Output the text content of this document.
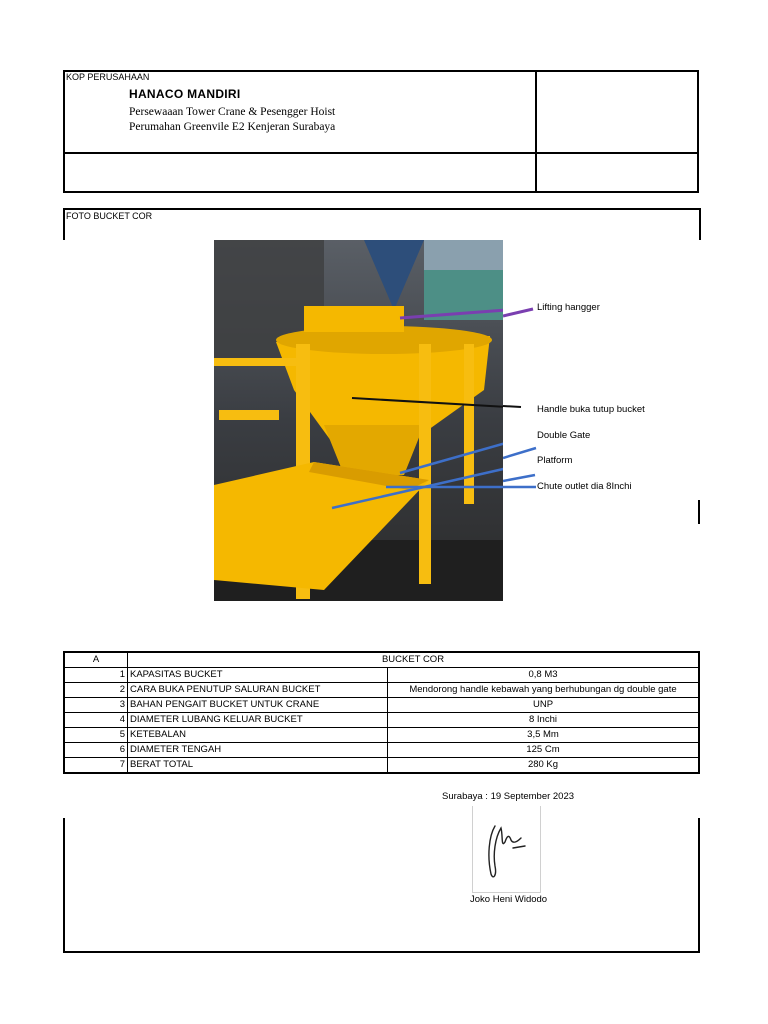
KOP PERUSAHAAN
HANACO MANDIRI
Persewaaan Tower Crane & Pesengger Hoist
Perumahan Greenvile E2 Kenjeran Surabaya
FOTO BUCKET COR
Lifting hangger
Handle buka tutup bucket
Double Gate
Platform
Chute outlet dia 8Inchi
A	BUCKET COR	
1	KAPASITAS BUCKET	0,8 M3
2	CARA BUKA PENUTUP SALURAN BUCKET	Mendorong handle kebawah yang berhubungan dg double gate
3	BAHAN PENGAIT BUCKET UNTUK CRANE	UNP
4	DIAMETER LUBANG KELUAR BUCKET	8 Inchi
5	KETEBALAN	3,5 Mm
6	DIAMETER TENGAH	125 Cm
7	BERAT TOTAL	280 Kg
Surabaya : 19 September 2023
Joko Heni Widodo
